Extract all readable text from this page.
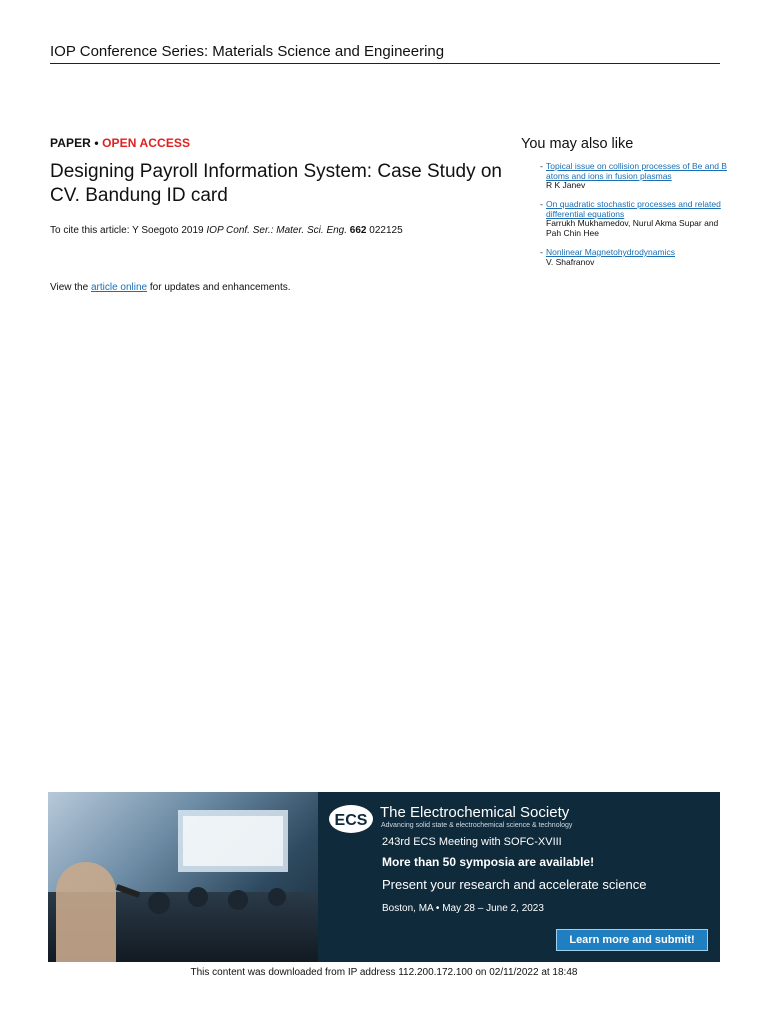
IOP Conference Series: Materials Science and Engineering
PAPER • OPEN ACCESS
Designing Payroll Information System: Case Study on CV. Bandung ID card
To cite this article: Y Soegoto 2019 IOP Conf. Ser.: Mater. Sci. Eng. 662 022125
View the article online for updates and enhancements.
You may also like
- Topical issue on collision processes of Be and B atoms and ions in fusion plasmas
R K Janev
- On quadratic stochastic processes and related differential equations
Farrukh Mukhamedov, Nurul Akma Supar and Pah Chin Hee
- Nonlinear Magnetohydrodynamics
V. Shafranov
ECS The Electrochemical Society
Advancing solid state & electrochemical science & technology
243rd ECS Meeting with SOFC-XVIII
More than 50 symposia are available!
Present your research and accelerate science
Boston, MA • May 28 – June 2, 2023
Learn more and submit!
This content was downloaded from IP address 112.200.172.100 on 02/11/2022 at 18:48
